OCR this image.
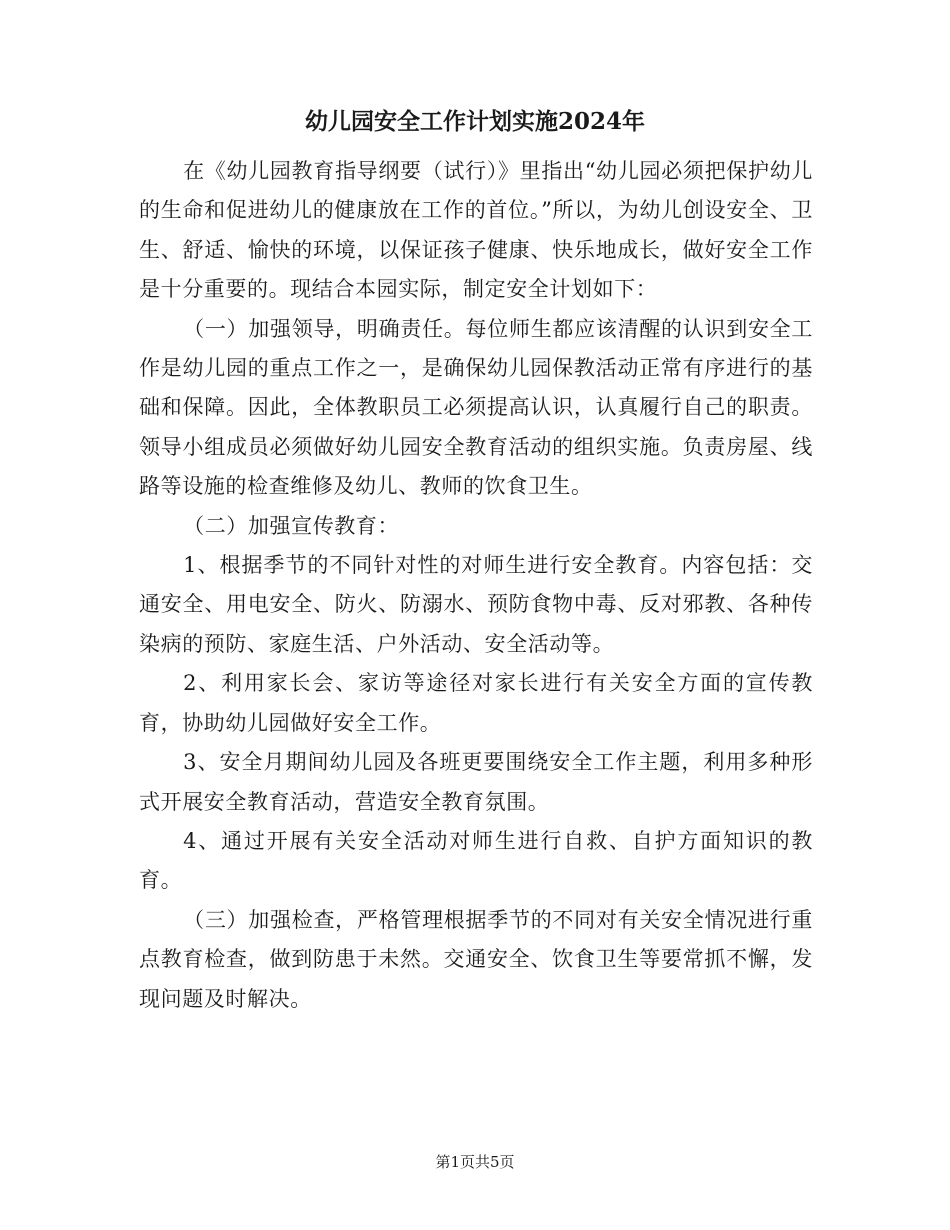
幼儿园安全工作计划实施2024年

在《幼儿园教育指导纲要（试行）》里指出“幼儿园必须把保护幼儿的生命和促进幼儿的健康放在工作的首位。”所以，为幼儿创设安全、卫生、舒适、愉快的环境，以保证孩子健康、快乐地成长，做好安全工作是十分重要的。现结合本园实际，制定安全计划如下：

（一）加强领导，明确责任。每位师生都应该清醒的认识到安全工作是幼儿园的重点工作之一，是确保幼儿园保教活动正常有序进行的基础和保障。因此，全体教职员工必须提高认识，认真履行自己的职责。领导小组成员必须做好幼儿园安全教育活动的组织实施。负责房屋、线路等设施的检查维修及幼儿、教师的饮食卫生。

（二）加强宣传教育：

1、根据季节的不同针对性的对师生进行安全教育。内容包括：交通安全、用电安全、防火、防溺水、预防食物中毒、反对邪教、各种传染病的预防、家庭生活、户外活动、安全活动等。

2、利用家长会、家访等途径对家长进行有关安全方面的宣传教育，协助幼儿园做好安全工作。

3、安全月期间幼儿园及各班更要围绕安全工作主题，利用多种形式开展安全教育活动，营造安全教育氛围。

4、通过开展有关安全活动对师生进行自救、自护方面知识的教育。

（三）加强检查，严格管理根据季节的不同对有关安全情况进行重点教育检查，做到防患于未然。交通安全、饮食卫生等要常抓不懈，发现问题及时解决。

第1页共5页
